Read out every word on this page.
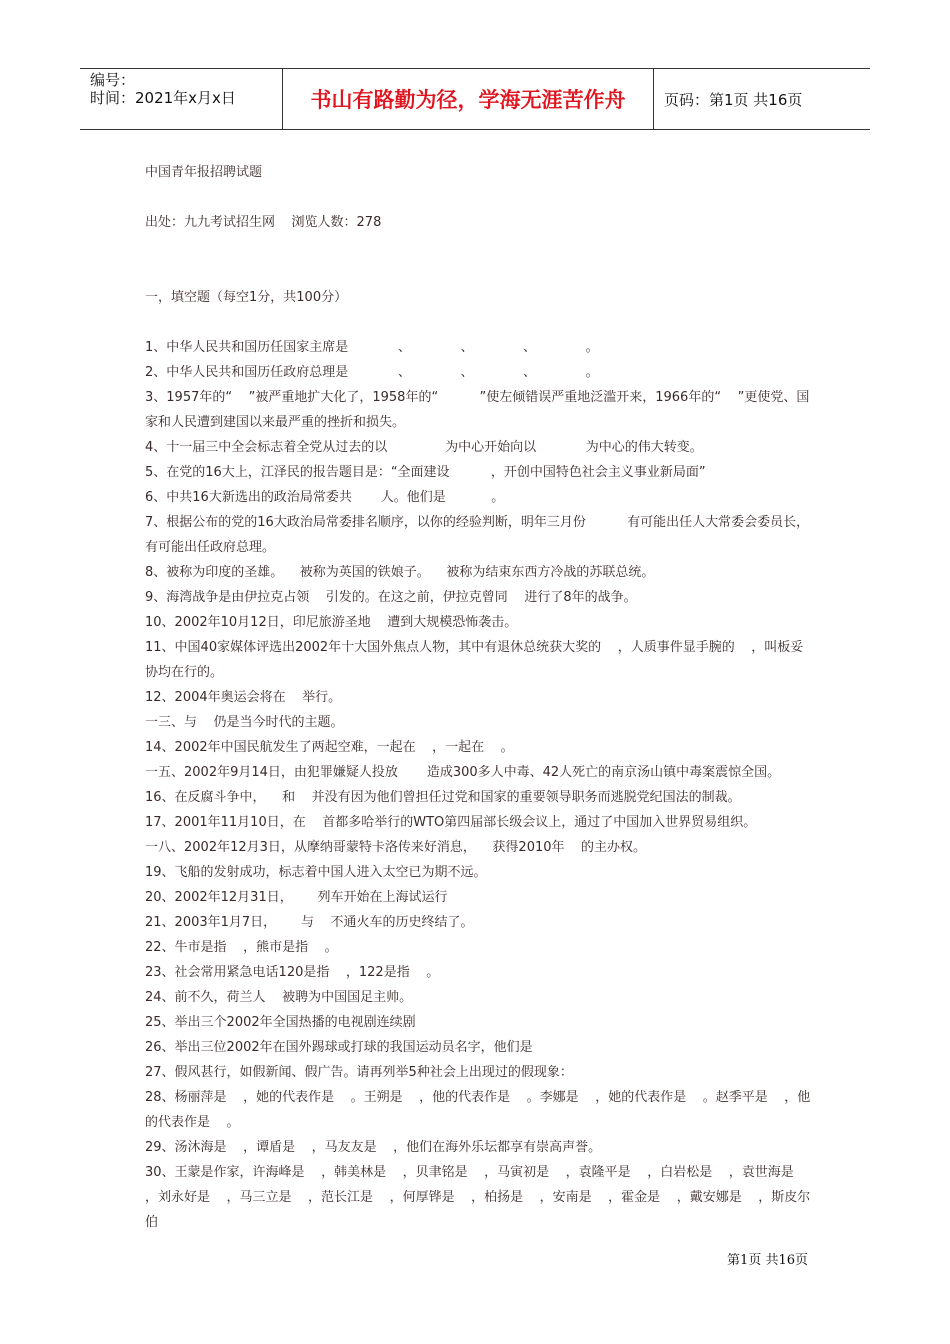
编号：
时间：2021年x月x日	书山有路勤为径，学海无涯苦作舟	页码：第1页 共16页

中国青年报招聘试题

出处：九九考试招生网    浏览人数：278

一，填空题（每空1分，共100分）

1、中华人民共和国历任国家主席是            、            、            、            。

2、中华人民共和国历任政府总理是            、            、            、            。

3、1957年的“    ”被严重地扩大化了，1958年的“          ”使左倾错误严重地泛滥开来，1966年的“    ”更使党、国家和人民遭到建国以来最严重的挫折和损失。

4、十一届三中全会标志着全党从过去的以              为中心开始向以            为中心的伟大转变。

5、在党的16大上，江泽民的报告题目是：“全面建设          ，开创中国特色社会主义事业新局面”

6、中共16大新选出的政治局常委共       人。他们是           。

7、根据公布的党的16大政治局常委排名顺序，以你的经验判断，明年三月份          有可能出任人大常委会委员长，          有可能出任政府总理。

8、被称为印度的圣雄。    被称为英国的铁娘子。    被称为结束东西方冷战的苏联总统。

9、海湾战争是由伊拉克占领    引发的。在这之前，伊拉克曾同    进行了8年的战争。

10、2002年10月12日，印尼旅游圣地    遭到大规模恐怖袭击。

11、中国40家媒体评选出2002年十大国外焦点人物，其中有退休总统获大奖的    ，人质事件显手腕的    ，叫板妥协均在行的。

12、2004年奥运会将在    举行。

一三、与    仍是当今时代的主题。

14、2002年中国民航发生了两起空难，一起在    ，一起在    。

一五、2002年9月14日，由犯罪嫌疑人投放       造成300多人中毒、42人死亡的南京汤山镇中毒案震惊全国。

16、在反腐斗争中，    和    并没有因为他们曾担任过党和国家的重要领导职务而逃脱党纪国法的制裁。

17、2001年11月10日，在    首都多哈举行的WTO第四届部长级会议上，通过了中国加入世界贸易组织。

一八、2002年12月3日，从摩纳哥蒙特卡洛传来好消息，    获得2010年    的主办权。

19、飞船的发射成功，标志着中国人进入太空已为期不远。

20、2002年12月31日，      列车开始在上海试运行

21、2003年1月7日，      与    不通火车的历史终结了。

22、牛市是指    ，熊市是指    。

23、社会常用紧急电话120是指    ，122是指    。

24、前不久，荷兰人    被聘为中国国足主帅。

25、举出三个2002年全国热播的电视剧连续剧

26、举出三位2002年在国外踢球或打球的我国运动员名字，他们是

27、假风甚行，如假新闻、假广告。请再列举5种社会上出现过的假现象：

28、杨丽萍是    ，她的代表作是    。王朔是    ，他的代表作是    。李娜是    ，她的代表作是    。赵季平是    ，他的代表作是    。

29、汤沐海是    ，谭盾是    ，马友友是    ，他们在海外乐坛都享有崇高声誉。

30、王蒙是作家，许海峰是    ，韩美林是    ，贝聿铭是    ，马寅初是    ，袁隆平是    ，白岩松是    ，袁世海是    ，刘永好是    ，马三立是    ，范长江是    ，何厚铧是    ，柏扬是    ，安南是    ，霍金是    ，戴安娜是    ，斯皮尔伯

第1页 共16页
